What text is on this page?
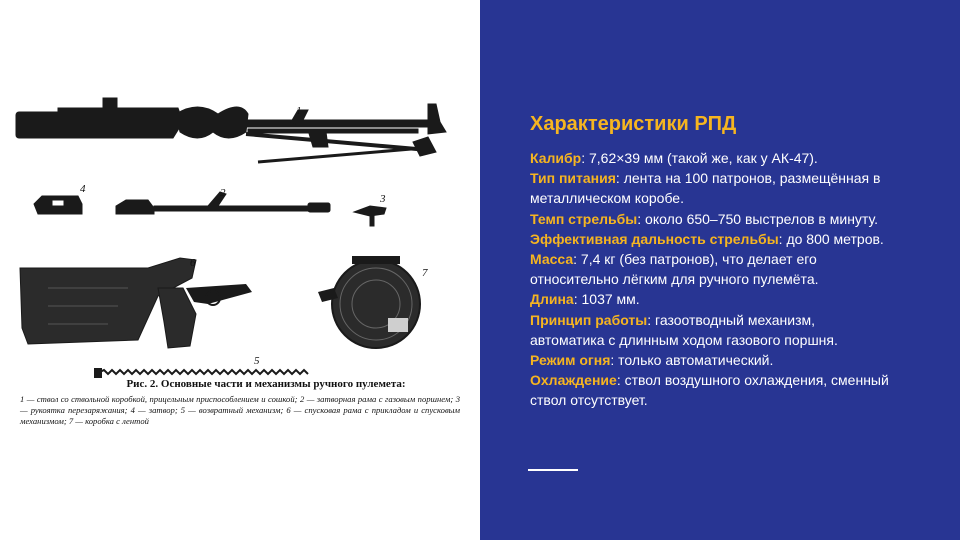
1
4	2	3
6
7
5
Рис. 2. Основные части и механизмы ручного пулемета:
1 — ствол со ствольной коробкой, прицельным приспособлением и сошкой; 2 — затворная рама с газовым поршнем; 3 — рукоятка перезаряжания; 4 — затвор; 5 — возвратный механизм; 6 — спусковая рама с прикладом и спусковым механизмом; 7 — коробка с лентой
Характеристики РПД
Калибр: 7,62×39 мм (такой же, как у АК-47).
Тип питания: лента на 100 патронов, размещённая в металлическом коробе.
Темп стрельбы: около 650–750 выстрелов в минуту.
Эффективная дальность стрельбы: до 800 метров.
Масса: 7,4 кг (без патронов), что делает его относительно лёгким для ручного пулемёта.
Длина: 1037 мм.
Принцип работы: газоотводный механизм, автоматика с длинным ходом газового поршня.
Режим огня: только автоматический.
Охлаждение: ствол воздушного охлаждения, сменный ствол отсутствует.
